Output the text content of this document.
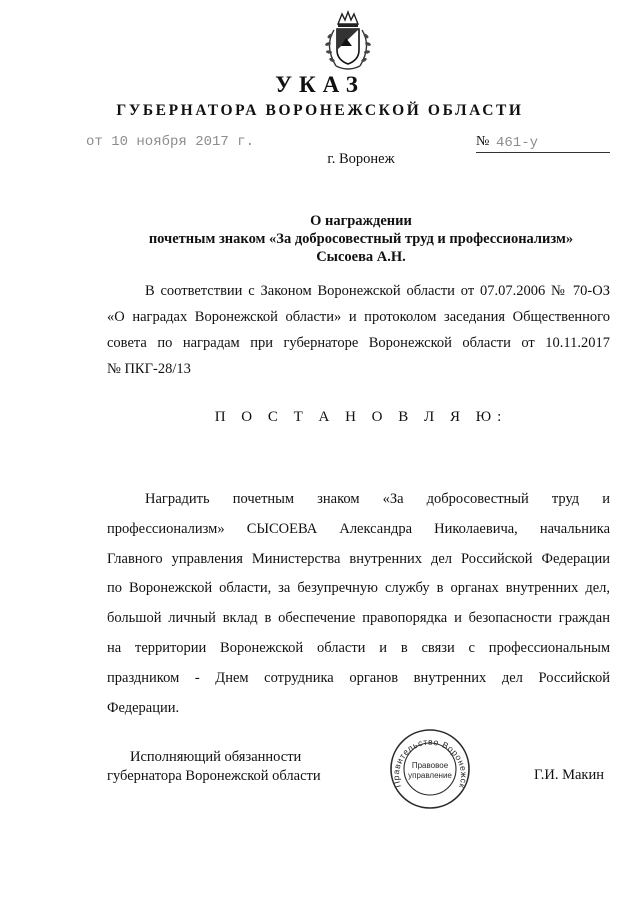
УКАЗ
ГУБЕРНАТОРА ВОРОНЕЖСКОЙ ОБЛАСТИ
от 10 ноября 2017 г.	№ 461-у
г. Воронеж
О награждении
почетным знаком «За добросовестный труд и профессионализм»
Сысоева А.Н.
В соответствии с Законом Воронежской области от 07.07.2006 № 70-ОЗ
«О наградах Воронежской области» и протоколом заседания Общественного
совета по наградам при губернаторе Воронежской области от 10.11.2017
№ ПКГ-28/13
П О С Т А Н О В Л Я Ю:
Наградить почетным знаком «За добросовестный труд и
профессионализм» СЫСОЕВА Александра Николаевича, начальника
Главного управления Министерства внутренних дел Российской Федерации
по Воронежской области, за безупречную службу в органах внутренних дел,
большой личный вклад в обеспечение правопорядка и безопасности граждан
на территории Воронежской области и в связи с профессиональным
праздником - Днем сотрудника органов внутренних дел Российской
Федерации.
Исполняющий обязанности
губернатора Воронежской области
Правительство Воронежск
Правовое
управление	Г.И. Макин
